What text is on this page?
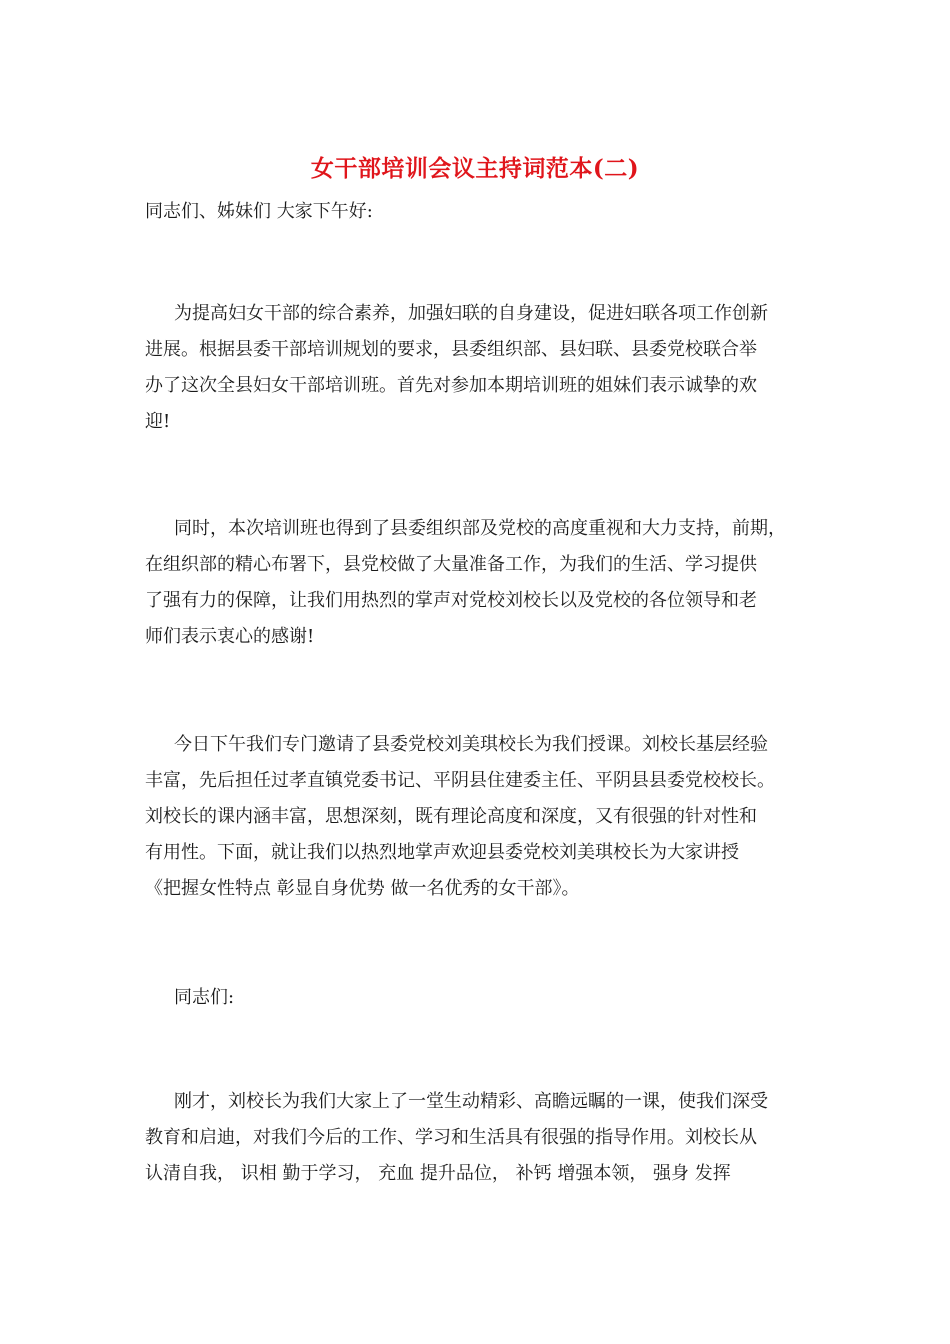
女干部培训会议主持词范本(二)
同志们、姊妹们 大家下午好:
为提高妇女干部的综合素养，加强妇联的自身建设，促进妇联各项工作创新
进展。根据县委干部培训规划的要求，县委组织部、县妇联、县委党校联合举
办了这次全县妇女干部培训班。首先对参加本期培训班的姐妹们表示诚挚的欢
迎!
同时，本次培训班也得到了县委组织部及党校的高度重视和大力支持，前期，
在组织部的精心布署下，县党校做了大量准备工作，为我们的生活、学习提供
了强有力的保障，让我们用热烈的掌声对党校刘校长以及党校的各位领导和老
师们表示衷心的感谢!
今日下午我们专门邀请了县委党校刘美琪校长为我们授课。刘校长基层经验
丰富，先后担任过孝直镇党委书记、平阴县住建委主任、平阴县县委党校校长。
刘校长的课内涵丰富，思想深刻，既有理论高度和深度，又有很强的针对性和
有用性。下面，就让我们以热烈地掌声欢迎县委党校刘美琪校长为大家讲授
《把握女性特点 彰显自身优势 做一名优秀的女干部》。
同志们:
刚才，刘校长为我们大家上了一堂生动精彩、高瞻远瞩的一课，使我们深受
教育和启迪，对我们今后的工作、学习和生活具有很强的指导作用。刘校长从
认清自我， 识相 勤于学习， 充血 提升品位， 补钙 增强本领， 强身 发挥
